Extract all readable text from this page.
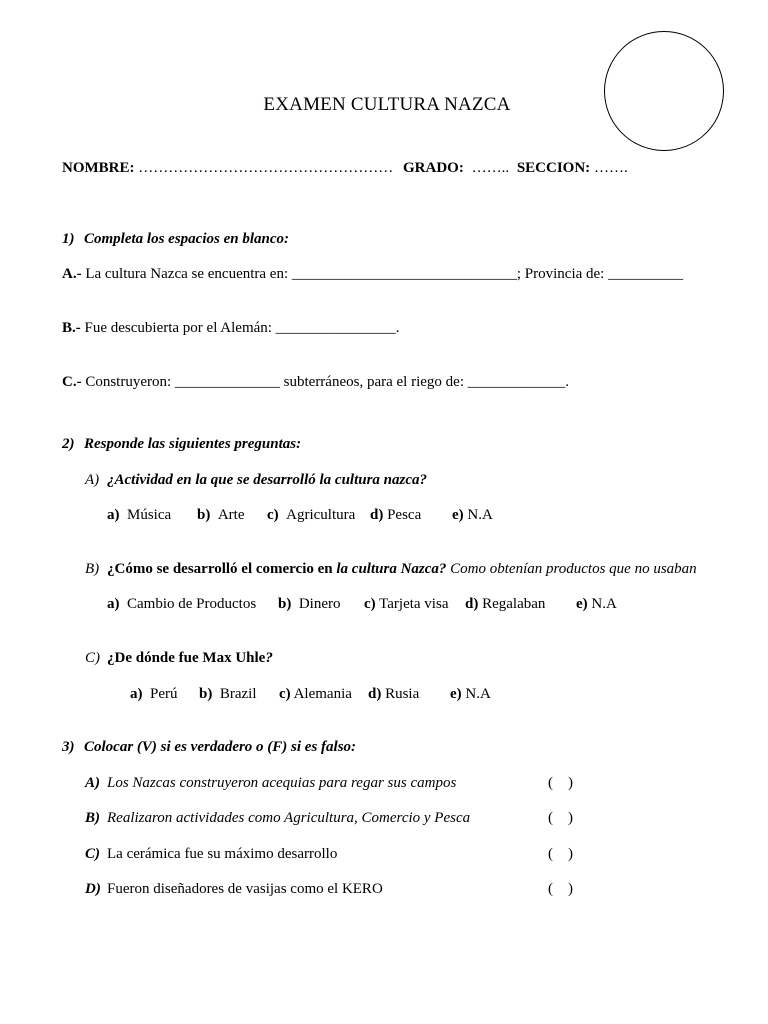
EXAMEN CULTURA NAZCA
NOMBRE: …………………………………………… GRADO: …….. SECCION: …….
1) Completa los espacios en blanco:
A.- La cultura Nazca se encuentra en: ______________________________; Provincia de: __________
B.- Fue descubierta por el Alemán: ________________.
C.- Construyeron: ______________ subterráneos, para el riego de: _____________.
2) Responde las siguientes preguntas:
A) ¿Actividad en la que se desarrolló la cultura nazca?
a) Música b) Arte c) Agricultura d) Pesca e) N.A
B) ¿Cómo se desarrolló el comercio en la cultura Nazca? Como obtenían productos que no usaban
a) Cambio de Productos b) Dinero c) Tarjeta visa d) Regalaban e) N.A
C) ¿De dónde fue Max Uhle?
a) Perú b) Brazil c) Alemania d) Rusia e) N.A
3) Colocar (V) si es verdadero o (F) si es falso:
A) Los Nazcas construyeron acequias para regar sus campos	(    )
B) Realizaron actividades como Agricultura, Comercio y Pesca	(    )
C) La cerámica fue su máximo desarrollo	(    )
D) Fueron diseñadores de vasijas como el KERO	(    )
